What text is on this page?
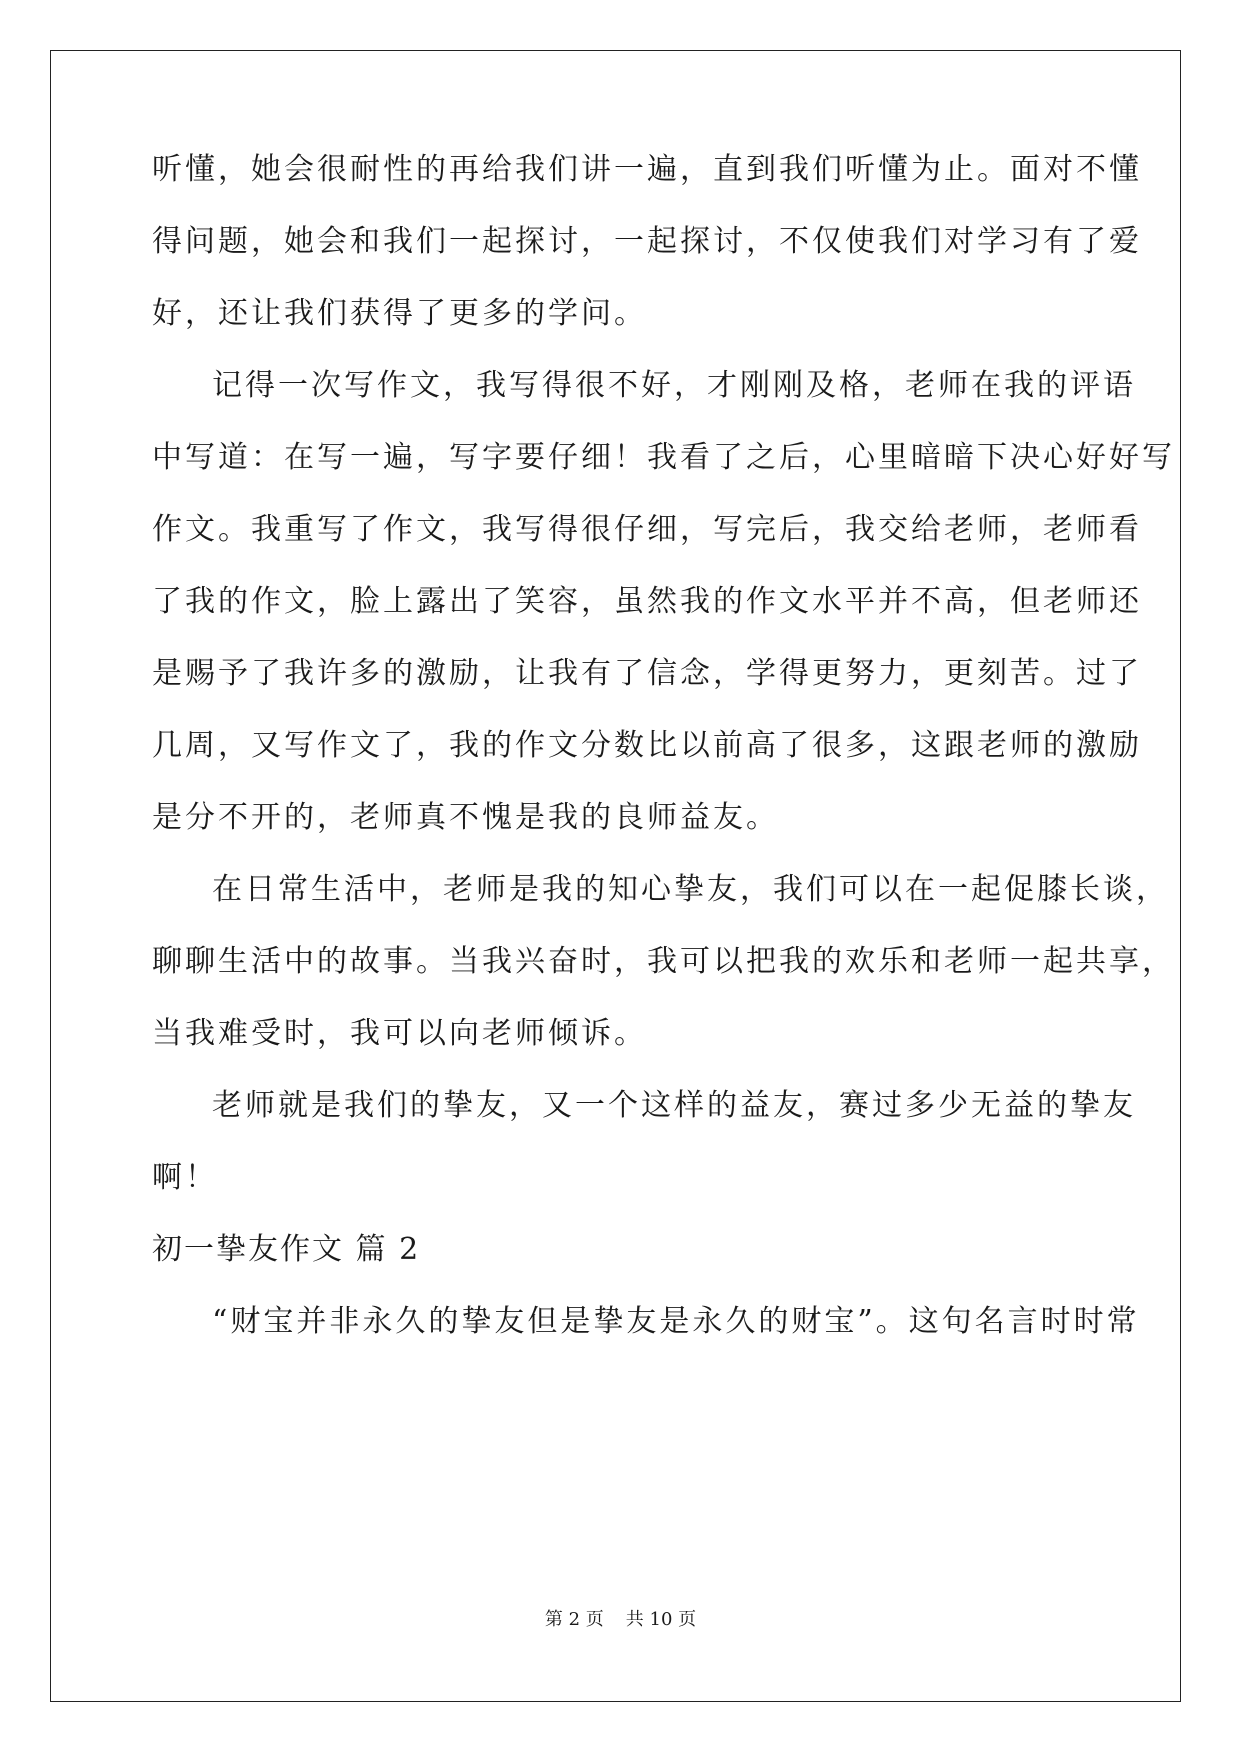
听懂，她会很耐性的再给我们讲一遍，直到我们听懂为止。面对不懂
得问题，她会和我们一起探讨，一起探讨，不仅使我们对学习有了爱
好，还让我们获得了更多的学问。
记得一次写作文，我写得很不好，才刚刚及格，老师在我的评语
中写道：在写一遍，写字要仔细！我看了之后，心里暗暗下决心好好写
作文。我重写了作文，我写得很仔细，写完后，我交给老师，老师看
了我的作文，脸上露出了笑容，虽然我的作文水平并不高，但老师还
是赐予了我许多的激励，让我有了信念，学得更努力，更刻苦。过了
几周，又写作文了，我的作文分数比以前高了很多，这跟老师的激励
是分不开的，老师真不愧是我的良师益友。
在日常生活中，老师是我的知心挚友，我们可以在一起促膝长谈，
聊聊生活中的故事。当我兴奋时，我可以把我的欢乐和老师一起共享，
当我难受时，我可以向老师倾诉。
老师就是我们的挚友，又一个这样的益友，赛过多少无益的挚友
啊！
初一挚友作文 篇 2
“财宝并非永久的挚友但是挚友是永久的财宝”。这句名言时时常
第 2 页 共 10 页
